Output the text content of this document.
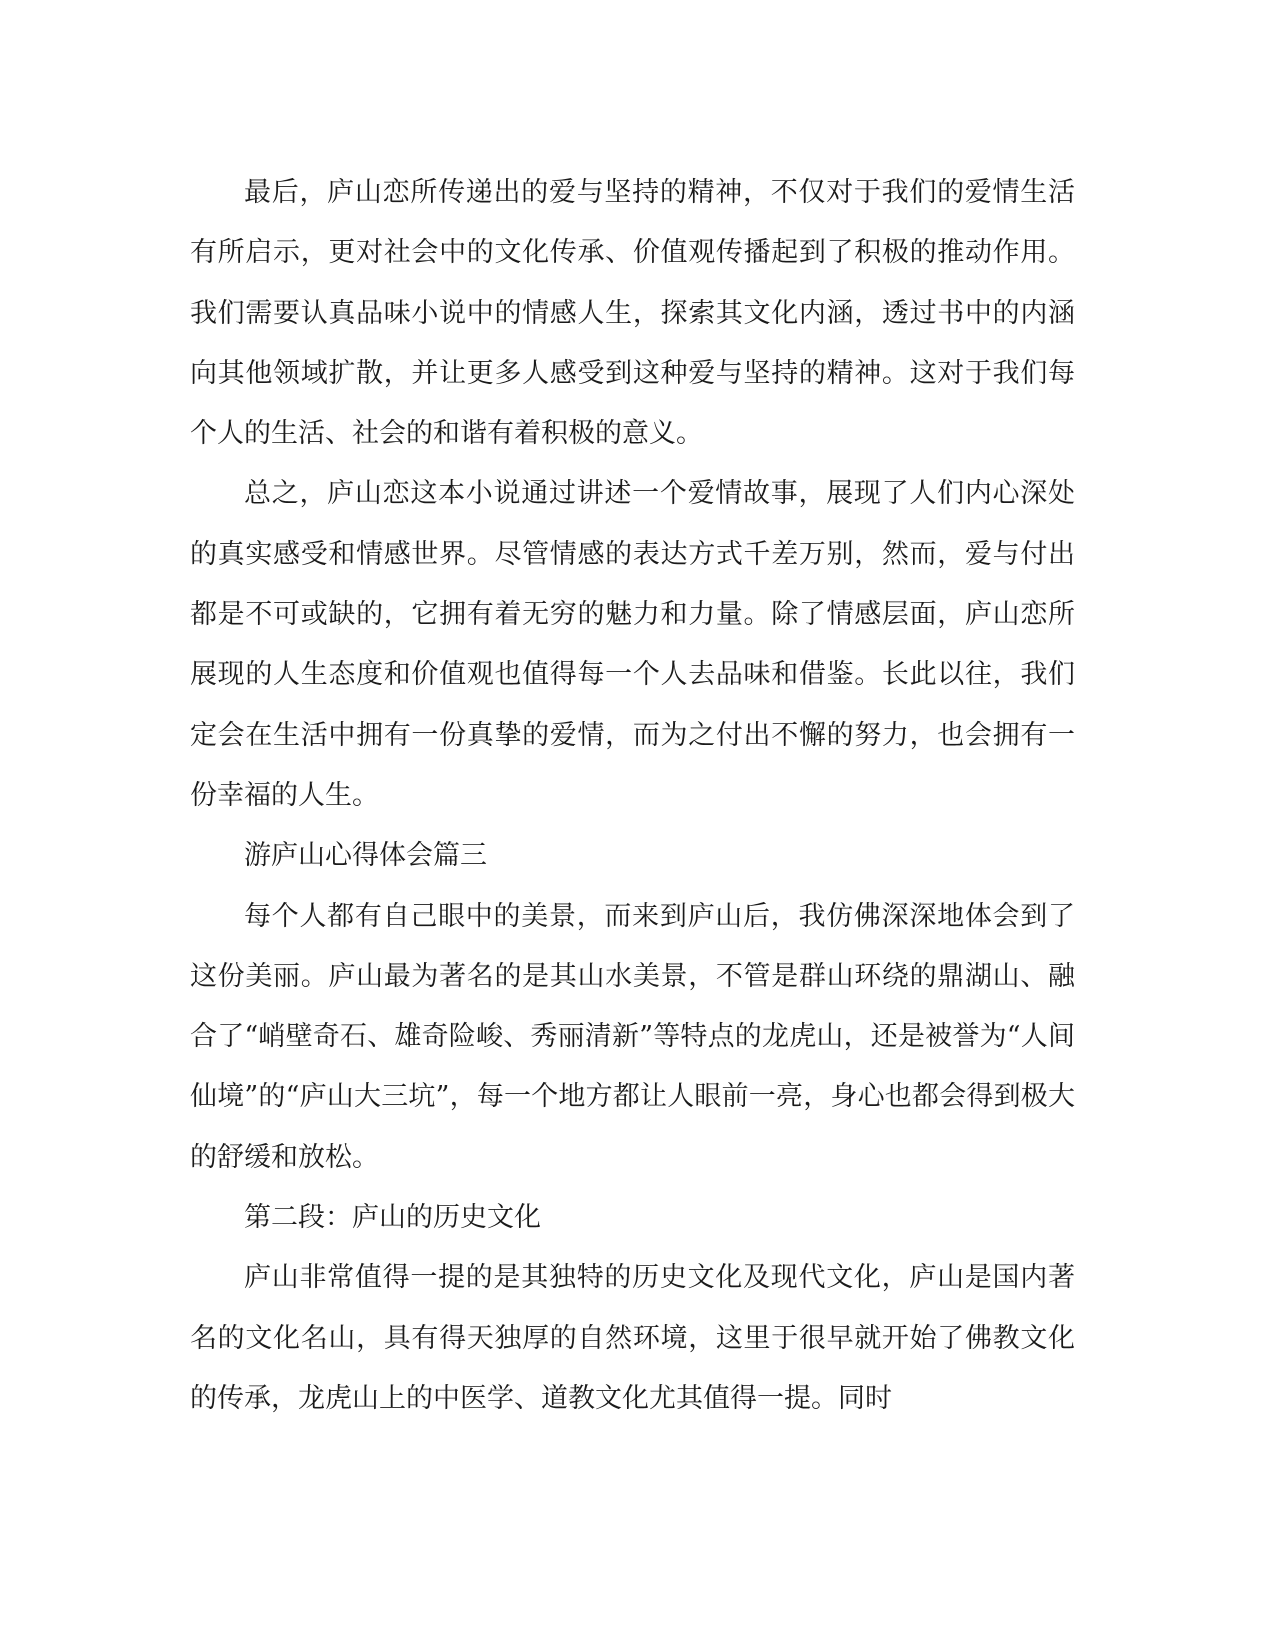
最后，庐山恋所传递出的爱与坚持的精神，不仅对于我们的爱情生活有所启示，更对社会中的文化传承、价值观传播起到了积极的推动作用。我们需要认真品味小说中的情感人生，探索其文化内涵，透过书中的内涵向其他领域扩散，并让更多人感受到这种爱与坚持的精神。这对于我们每个人的生活、社会的和谐有着积极的意义。

总之，庐山恋这本小说通过讲述一个爱情故事，展现了人们内心深处的真实感受和情感世界。尽管情感的表达方式千差万别，然而，爱与付出都是不可或缺的，它拥有着无穷的魅力和力量。除了情感层面，庐山恋所展现的人生态度和价值观也值得每一个人去品味和借鉴。长此以往，我们定会在生活中拥有一份真挚的爱情，而为之付出不懈的努力，也会拥有一份幸福的人生。

游庐山心得体会篇三

每个人都有自己眼中的美景，而来到庐山后，我仿佛深深地体会到了这份美丽。庐山最为著名的是其山水美景，不管是群山环绕的鼎湖山、融合了“峭壁奇石、雄奇险峻、秀丽清新”等特点的龙虎山，还是被誉为“人间仙境”的“庐山大三坑”，每一个地方都让人眼前一亮，身心也都会得到极大的舒缓和放松。

第二段：庐山的历史文化

庐山非常值得一提的是其独特的历史文化及现代文化，庐山是国内著名的文化名山，具有得天独厚的自然环境，这里于很早就开始了佛教文化的传承，龙虎山上的中医学、道教文化尤其值得一提。同时
